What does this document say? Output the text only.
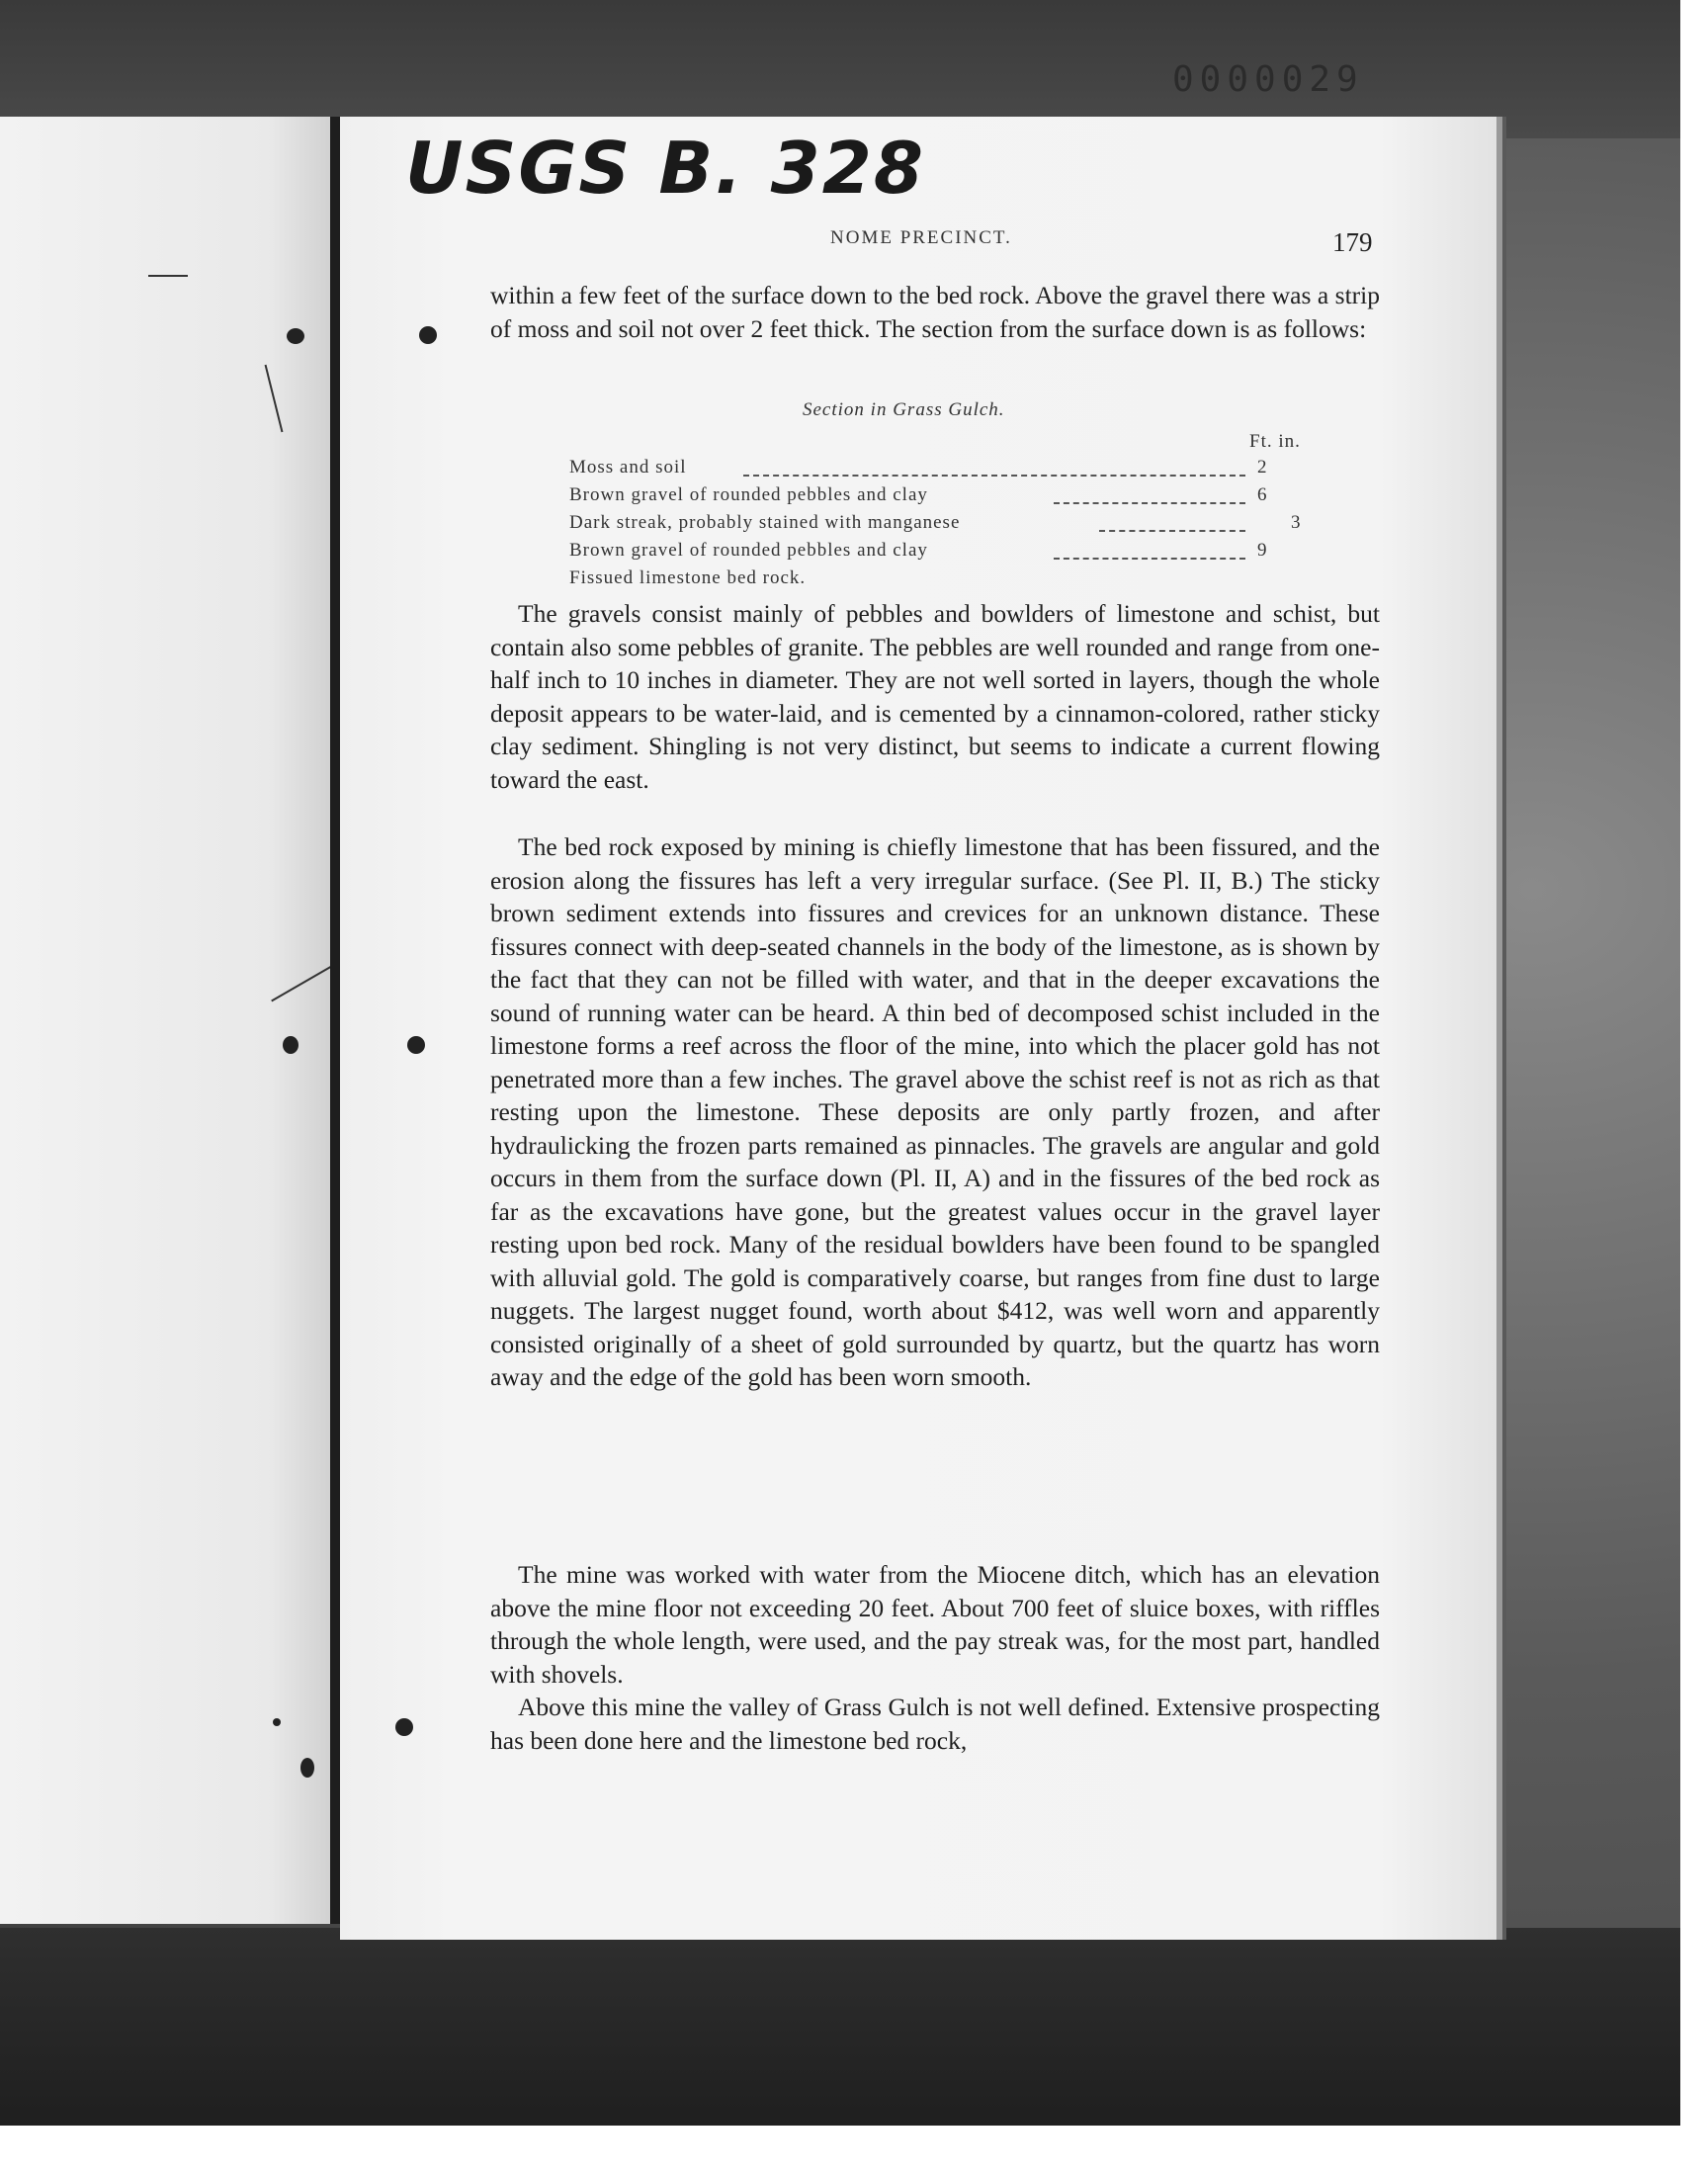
0000029
USGS B. 328
NOME PRECINCT.	179

within a few feet of the surface down to the bed rock. Above the gravel there was a strip of moss and soil not over 2 feet thick. The section from the surface down is as follows:

Section in Grass Gulch.
Ft. in.
Moss and soil	2
Brown gravel of rounded pebbles and clay	6
Dark streak, probably stained with manganese	3
Brown gravel of rounded pebbles and clay	9
Fissued limestone bed rock.

The gravels consist mainly of pebbles and bowlders of limestone and schist, but contain also some pebbles of granite. The pebbles are well rounded and range from one-half inch to 10 inches in diameter. They are not well sorted in layers, though the whole deposit appears to be water-laid, and is cemented by a cinnamon-colored, rather sticky clay sediment. Shingling is not very distinct, but seems to indicate a current flowing toward the east.

The bed rock exposed by mining is chiefly limestone that has been fissured, and the erosion along the fissures has left a very irregular surface. (See Pl. II, B.) The sticky brown sediment extends into fissures and crevices for an unknown distance. These fissures connect with deep-seated channels in the body of the limestone, as is shown by the fact that they can not be filled with water, and that in the deeper excavations the sound of running water can be heard. A thin bed of decomposed schist included in the limestone forms a reef across the floor of the mine, into which the placer gold has not penetrated more than a few inches. The gravel above the schist reef is not as rich as that resting upon the limestone. These deposits are only partly frozen, and after hydraulicking the frozen parts remained as pinnacles. The gravels are angular and gold occurs in them from the surface down (Pl. II, A) and in the fissures of the bed rock as far as the excavations have gone, but the greatest values occur in the gravel layer resting upon bed rock. Many of the residual bowlders have been found to be spangled with alluvial gold. The gold is comparatively coarse, but ranges from fine dust to large nuggets. The largest nugget found, worth about $412, was well worn and apparently consisted originally of a sheet of gold surrounded by quartz, but the quartz has worn away and the edge of the gold has been worn smooth.

The mine was worked with water from the Miocene ditch, which has an elevation above the mine floor not exceeding 20 feet. About 700 feet of sluice boxes, with riffles through the whole length, were used, and the pay streak was, for the most part, handled with shovels.

Above this mine the valley of Grass Gulch is not well defined. Extensive prospecting has been done here and the limestone bed rock,
